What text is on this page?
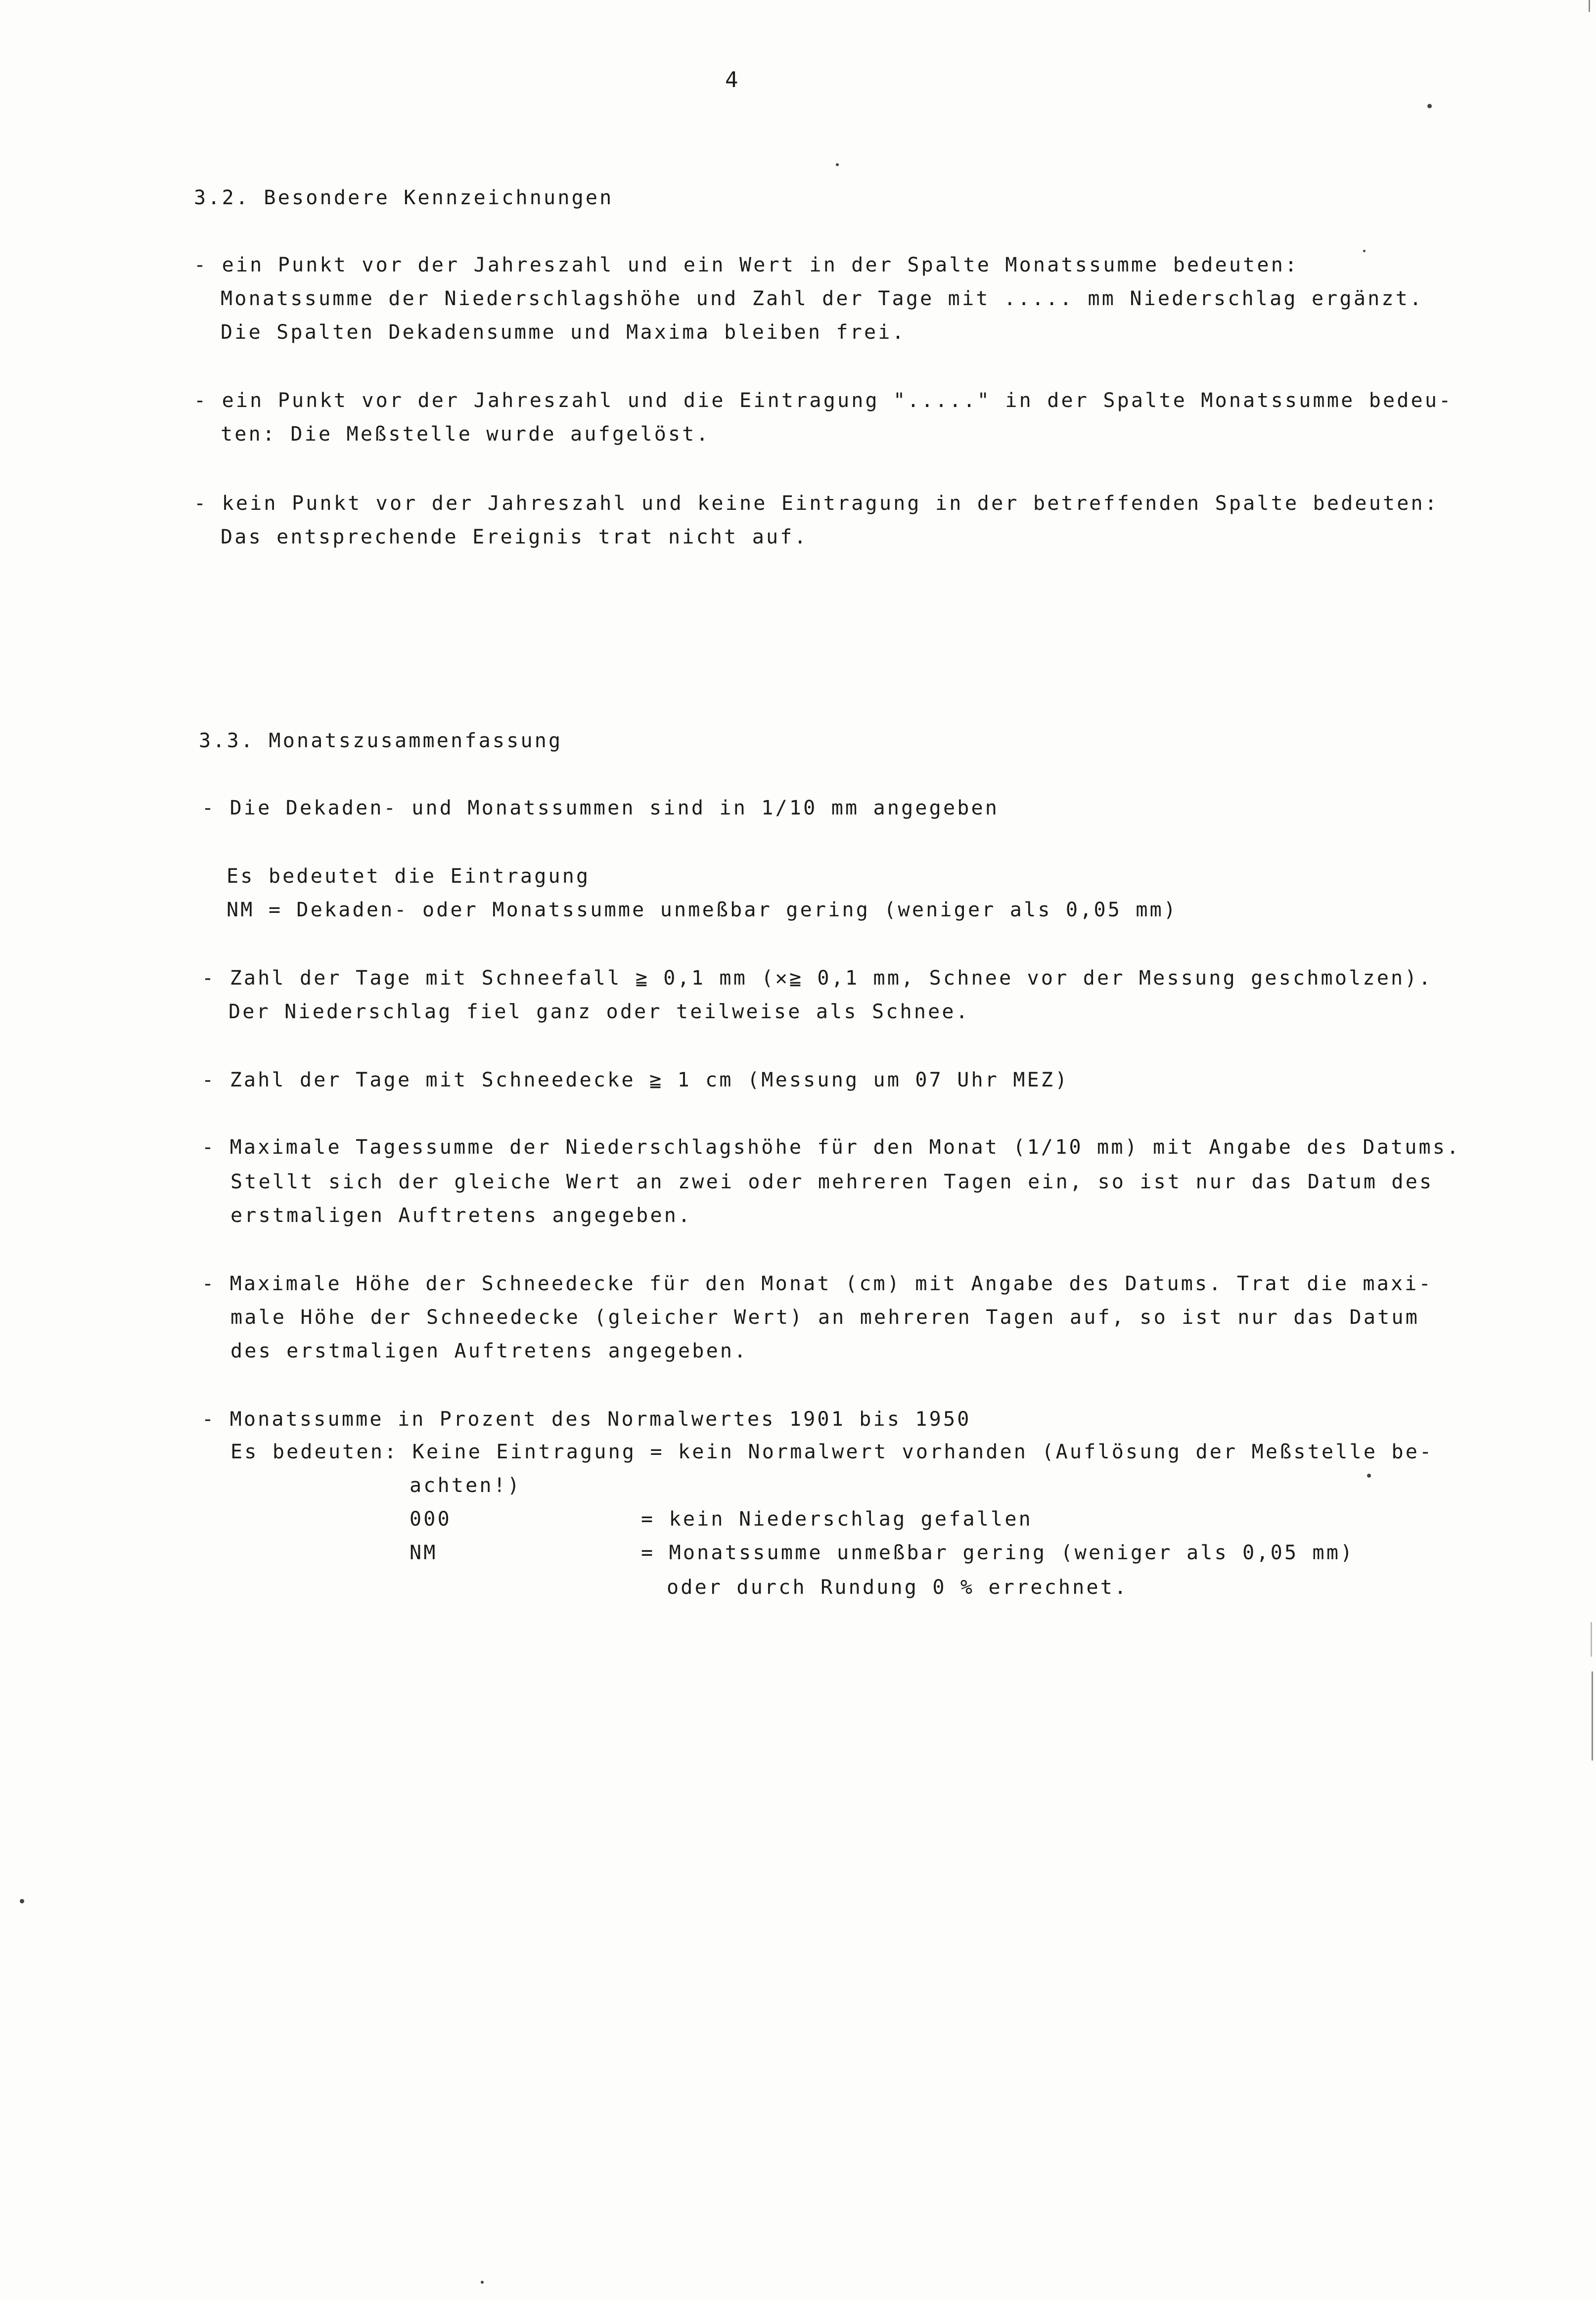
4
3.2. Besondere Kennzeichnungen
- ein Punkt vor der Jahreszahl und ein Wert in der Spalte Monatssumme bedeuten:
Monatssumme der Niederschlagshöhe und Zahl der Tage mit ..... mm Niederschlag ergänzt.
Die Spalten Dekadensumme und Maxima bleiben frei.
- ein Punkt vor der Jahreszahl und die Eintragung "....." in der Spalte Monatssumme bedeu-
ten: Die Meßstelle wurde aufgelöst.
- kein Punkt vor der Jahreszahl und keine Eintragung in der betreffenden Spalte bedeuten:
Das entsprechende Ereignis trat nicht auf.
3.3. Monatszusammenfassung
- Die Dekaden- und Monatssummen sind in 1/10 mm angegeben
Es bedeutet die Eintragung
NM = Dekaden- oder Monatssumme unmeßbar gering (weniger als 0,05 mm)
- Zahl der Tage mit Schneefall ≧ 0,1 mm (✕≧ 0,1 mm, Schnee vor der Messung geschmolzen).
Der Niederschlag fiel ganz oder teilweise als Schnee.
- Zahl der Tage mit Schneedecke ≧ 1 cm (Messung um 07 Uhr MEZ)
- Maximale Tagessumme der Niederschlagshöhe für den Monat (1/10 mm) mit Angabe des Datums.
Stellt sich der gleiche Wert an zwei oder mehreren Tagen ein, so ist nur das Datum des
erstmaligen Auftretens angegeben.
- Maximale Höhe der Schneedecke für den Monat (cm) mit Angabe des Datums. Trat die maxi-
male Höhe der Schneedecke (gleicher Wert) an mehreren Tagen auf, so ist nur das Datum
des erstmaligen Auftretens angegeben.
- Monatssumme in Prozent des Normalwertes 1901 bis 1950
Es bedeuten: Keine Eintragung = kein Normalwert vorhanden (Auflösung der Meßstelle be-
achten!)
000	= kein Niederschlag gefallen
NM	= Monatssumme unmeßbar gering (weniger als 0,05 mm)
oder durch Rundung 0 % errechnet.
